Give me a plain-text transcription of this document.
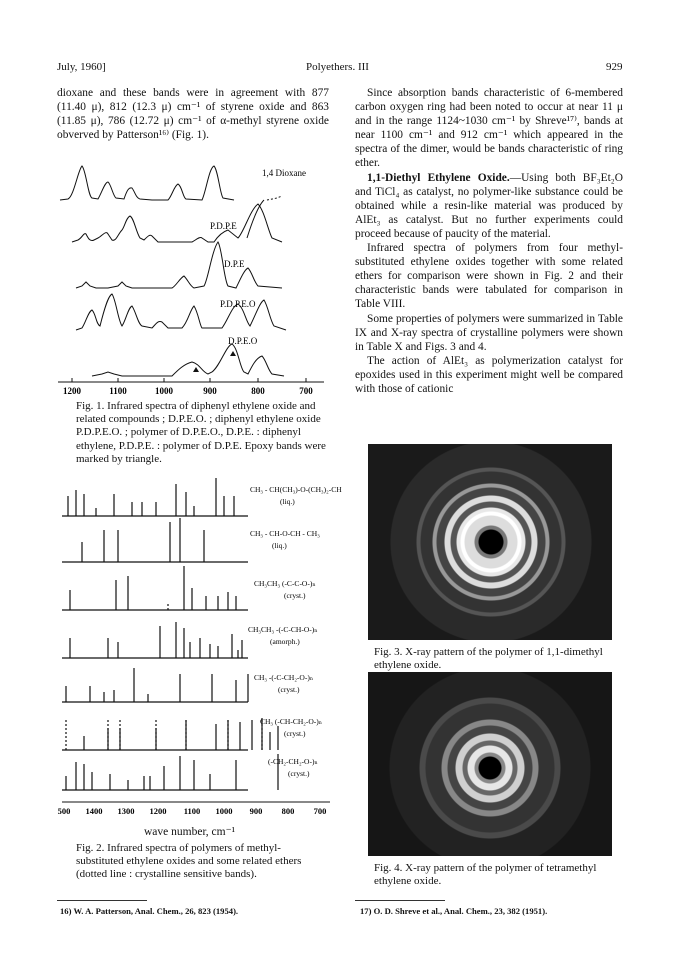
July, 1960]	Polyethers. III	929

dioxane and these bands were in agreement with 877 (11.40 μ), 812 (12.3 μ) cm⁻¹ of styrene oxide and 863 (11.85 μ), 786 (12.72 μ) cm⁻¹ of α-methyl styrene oxide obverved by Patterson¹⁶⁾ (Fig. 1).

1,4 Dioxane
P.D.P.E
D.P.E
P.D.P.E.O
D.P.E.O
1200	1100	1000	900	800	700
Fig. 1. Infrared spectra of diphenyl ethylene oxide and related compounds ; D.P.E.O. ; diphenyl ethylene oxide P.D.P.E.O. ; polymer of D.P.E.O., D.P.E. : diphenyl ethylene, P.D.P.E. : polymer of D.P.E. Epoxy bands were marked by triangle.
CH₃ ‑ CH(CH₃)‑O‑(CH₃)₂‑CH
(liq.)
CH₃ ‑ CH‑O‑CH ‑ CH₃
(liq.)
CH₃CH₃ (‑C‑C‑O‑)ₙ
(cryst.)
CH₃CH₃ ‑(‑C‑CH‑O‑)ₙ
(amorph.)
CH₃ ‑(‑C‑CH₂‑O‑)ₙ
(cryst.)
CH₃ (‑CH‑CH₂‑O‑)ₙ
(cryst.)
(‑CH₂‑CH₂‑O‑)ₙ
(cryst.)
500 1400 1300 1200 1100 1000 900 800 700
wave number, cm⁻¹
Fig. 2. Infrared spectra of polymers of methyl-substituted ethylene oxides and some related ethers (dotted line : crystalline sensitive bands).

Since absorption bands characteristic of 6-membered carbon oxygen ring had been noted to occur at near 11 μ and in the range 1124~1030 cm⁻¹ by Shreve¹⁷⁾, bands at near 1100 cm⁻¹ and 912 cm⁻¹ which appeared in the spectra of the dimer, would be bands characteristic of ring ether.

1,1-Diethyl Ethylene Oxide.—Using both BF₃Et₂O and TiCl₄ as catalyst, no polymer-like substance could be obtained while a resin-like material was produced by AlEt₃ as catalyst. But no further experiments could proceed because of paucity of the material.

Infrared spectra of polymers from four methyl-substituted ethylene oxides together with some related ethers for comparison were shown in Fig. 2 and their characteristic bands were tabulated for comparison in Table VIII.

Some properties of polymers were summarized in Table IX and X-ray spectra of crystalline polymers were shown in Table X and Figs. 3 and 4.

The action of AlEt₃ as polymerization catalyst for epoxides used in this experiment might well be compared with those of cationic

Fig. 3. X-ray pattern of the polymer of 1,1-dimethyl ethylene oxide.
Fig. 4. X-ray pattern of the polymer of tetramethyl ethylene oxide.
16) W. A. Patterson, Anal. Chem., 26, 823 (1954).	17) O. D. Shreve et al., Anal. Chem., 23, 382 (1951).
